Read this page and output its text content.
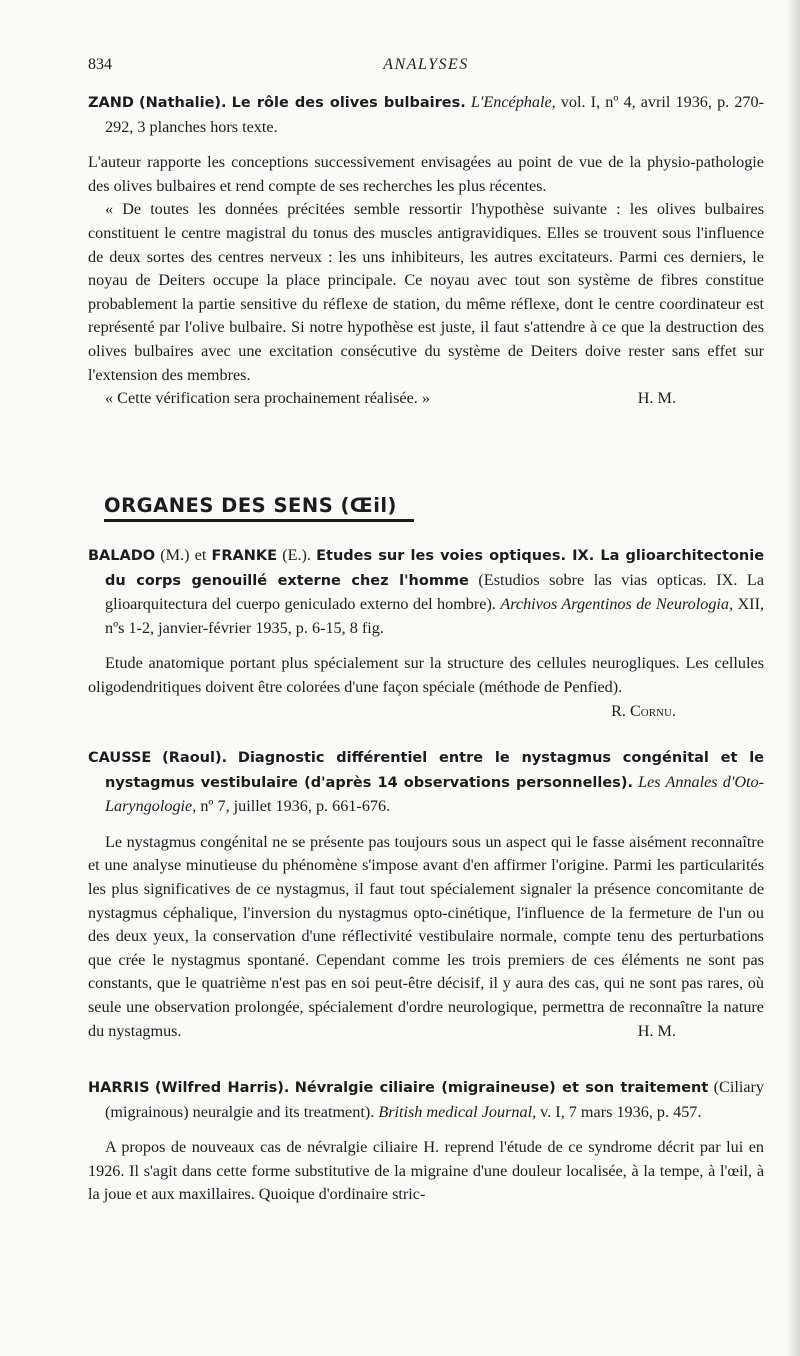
834	ANALYSES

ZAND (Nathalie). Le rôle des olives bulbaires. L'Encéphale, vol. I, nº 4, avril 1936, p. 270-292, 3 planches hors texte.

L'auteur rapporte les conceptions successivement envisagées au point de vue de la physio-pathologie des olives bulbaires et rend compte de ses recherches les plus récentes.

« De toutes les données précitées semble ressortir l'hypothèse suivante : les olives bulbaires constituent le centre magistral du tonus des muscles antigravidiques. Elles se trouvent sous l'influence de deux sortes des centres nerveux : les uns inhibiteurs, les autres excitateurs. Parmi ces derniers, le noyau de Deiters occupe la place principale. Ce noyau avec tout son système de fibres constitue probablement la partie sensitive du réflexe de station, du même réflexe, dont le centre coordinateur est représenté par l'olive bulbaire. Si notre hypothèse est juste, il faut s'attendre à ce que la destruction des olives bulbaires avec une excitation consécutive du système de Deiters doive rester sans effet sur l'extension des membres.

« Cette vérification sera prochainement réalisée. »	H. M.

ORGANES DES SENS (Œil)

BALADO (M.) et FRANKE (E.). Etudes sur les voies optiques. IX. La glioarchitectonie du corps genouillé externe chez l'homme (Estudios sobre las vias opticas. IX. La glioarquitectura del cuerpo geniculado externo del hombre). Archivos Argentinos de Neurologia, XII, nºs 1-2, janvier-février 1935, p. 6-15, 8 fig.

Etude anatomique portant plus spécialement sur la structure des cellules neurogliques. Les cellules oligodendritiques doivent être colorées d'une façon spéciale (méthode de Penfied).
R. Cornu.

CAUSSE (Raoul). Diagnostic différentiel entre le nystagmus congénital et le nystagmus vestibulaire (d'après 14 observations personnelles). Les Annales d'Oto-Laryngologie, nº 7, juillet 1936, p. 661-676.

Le nystagmus congénital ne se présente pas toujours sous un aspect qui le fasse aisément reconnaître et une analyse minutieuse du phénomène s'impose avant d'en affirmer l'origine. Parmi les particularités les plus significatives de ce nystagmus, il faut tout spécialement signaler la présence concomitante de nystagmus céphalique, l'inversion du nystagmus opto-cinétique, l'influence de la fermeture de l'un ou des deux yeux, la conservation d'une réflectivité vestibulaire normale, compte tenu des perturbations que crée le nystagmus spontané. Cependant comme les trois premiers de ces éléments ne sont pas constants, que le quatrième n'est pas en soi peut-être décisif, il y aura des cas, qui ne sont pas rares, où seule une observation prolongée, spécialement d'ordre neurologique, permettra de reconnaître la nature du nystagmus.	H. M.

HARRIS (Wilfred Harris). Névralgie ciliaire (migraineuse) et son traitement (Ciliary (migrainous) neuralgie and its treatment). British medical Journal, v. I, 7 mars 1936, p. 457.

A propos de nouveaux cas de névralgie ciliaire H. reprend l'étude de ce syndrome décrit par lui en 1926. Il s'agit dans cette forme substitutive de la migraine d'une douleur localisée, à la tempe, à l'œil, à la joue et aux maxillaires. Quoique d'ordinaire stric-
